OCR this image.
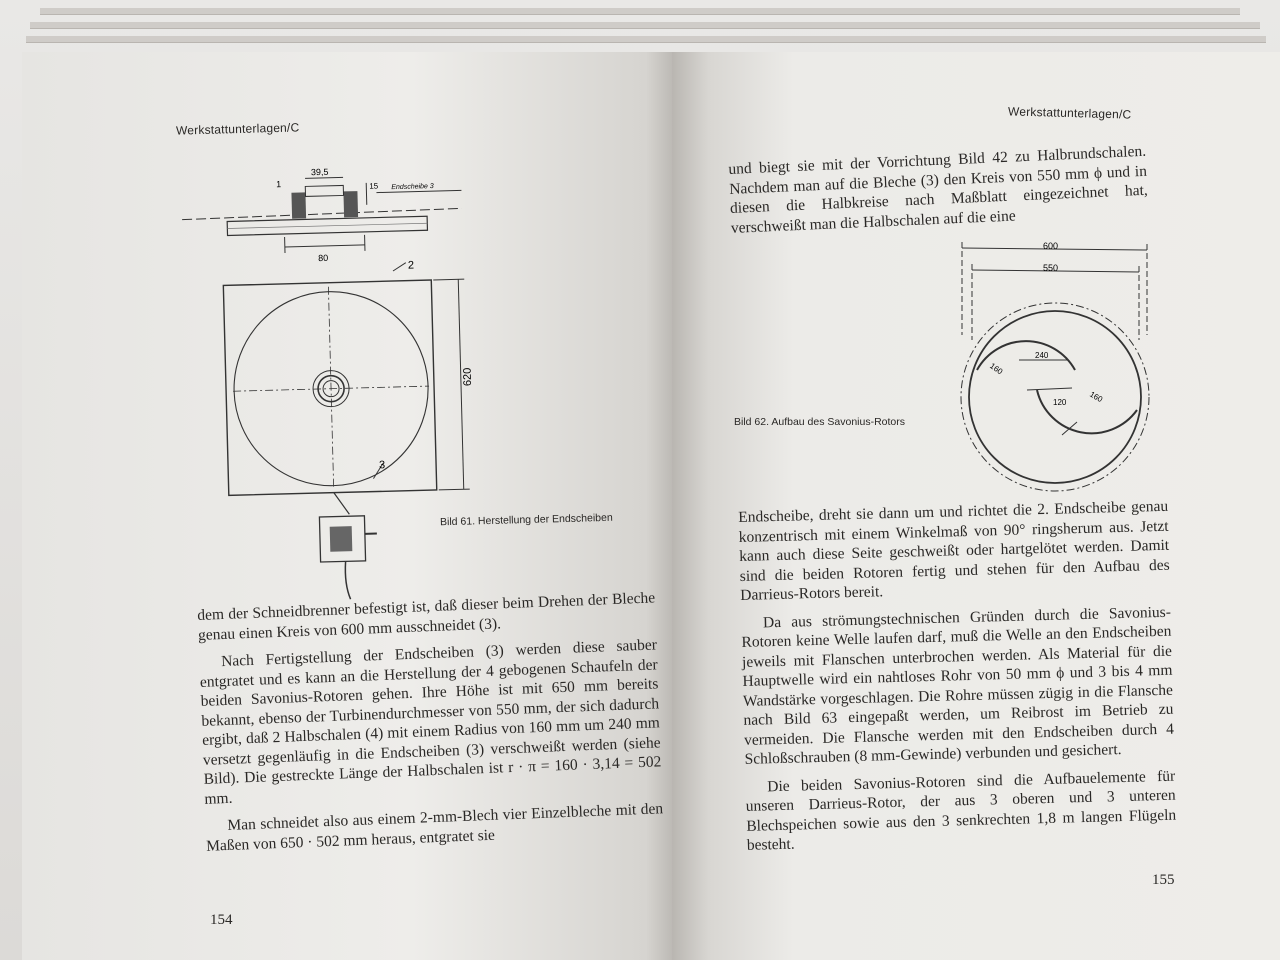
Werkstattunterlagen/C
39,5
80
1	15 Endscheibe 3
2
620
3
Bild 61. Herstellung der Endscheiben

dem der Schneidbrenner befestigt ist, daß dieser beim Drehen der Bleche genau einen Kreis von 600 mm ausschneidet (3).

Nach Fertigstellung der Endscheiben (3) werden diese sauber entgratet und es kann an die Herstellung der 4 gebogenen Schaufeln der beiden Savonius-Rotoren gehen. Ihre Höhe ist mit 650 mm bereits bekannt, ebenso der Turbinendurchmesser von 550 mm, der sich dadurch ergibt, daß 2 Halbschalen (4) mit einem Radius von 160 mm um 240 mm versetzt gegenläufig in die Endscheiben (3) verschweißt werden (siehe Bild). Die gestreckte Länge der Halbschalen ist r · π = 160 · 3,14 = 502 mm.

Man schneidet also aus einem 2-mm-Blech vier Einzelbleche mit den Maßen von 650 · 502 mm heraus, entgratet sie

154
Werkstattunterlagen/C

und biegt sie mit der Vorrichtung Bild 42 zu Halbrundschalen. Nachdem man auf die Bleche (3) den Kreis von 550 mm ϕ und in diesen die Halbkreise nach Maßblatt eingezeichnet hat, verschweißt man die Halbschalen auf die eine

600
550
240
160
120	160
Bild 62. Aufbau des Savonius-Rotors

Endscheibe, dreht sie dann um und richtet die 2. Endscheibe genau konzentrisch mit einem Winkelmaß von 90° ringsherum aus. Jetzt kann auch diese Seite geschweißt oder hartgelötet werden. Damit sind die beiden Rotoren fertig und stehen für den Aufbau des Darrieus-Rotors bereit.

Da aus strömungstechnischen Gründen durch die Savonius-Rotoren keine Welle laufen darf, muß die Welle an den Endscheiben jeweils mit Flanschen unterbrochen werden. Als Material für die Hauptwelle wird ein nahtloses Rohr von 50 mm ϕ und 3 bis 4 mm Wandstärke vorgeschlagen. Die Rohre müssen zügig in die Flansche nach Bild 63 eingepaßt werden, um Reibrost im Betrieb zu vermeiden. Die Flansche werden mit den Endscheiben durch 4 Schloßschrauben (8 mm-Gewinde) verbunden und gesichert.

Die beiden Savonius-Rotoren sind die Aufbauelemente für unseren Darrieus-Rotor, der aus 3 oberen und 3 unteren Blechspeichen sowie aus den 3 senkrechten 1,8 m langen Flügeln besteht.

155
